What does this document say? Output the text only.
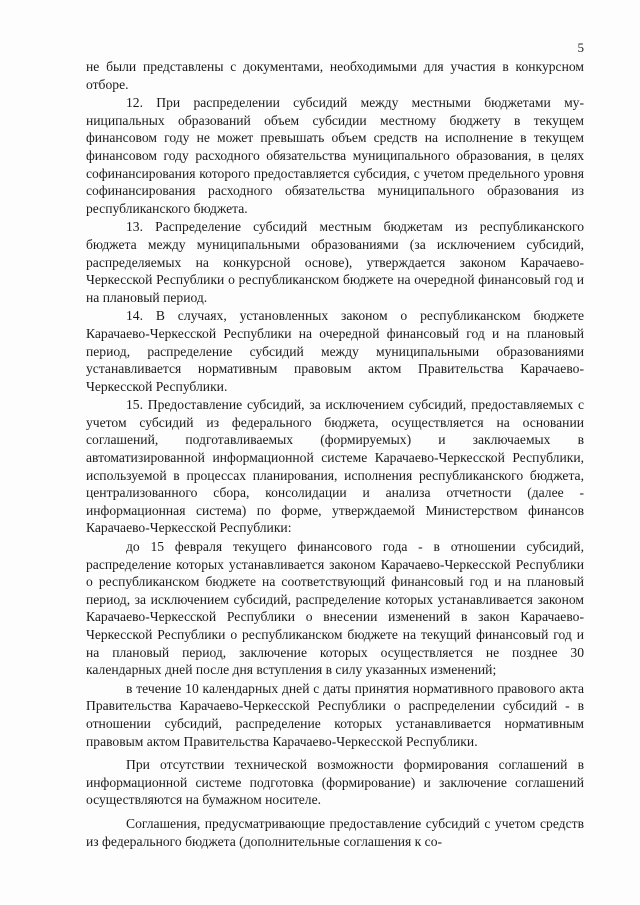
5

не были представлены с документами, необходимыми для участия в конкурсном отборе.

12. При распределении субсидий между местными бюджетами муниципальных образований объем субсидии местному бюджету в текущем финансовом году не может превышать объем средств на исполнение в текущем финансовом году расходного обязательства муниципального образования, в целях софинансирования которого предоставляется субсидия, с учетом предельного уровня софинансирования расходного обязательства муниципального образования из республиканского бюджета.

13. Распределение субсидий местным бюджетам из республиканского бюджета между муниципальными образованиями (за исключением субсидий, распределяемых на конкурсной основе), утверждается законом Карачаево-Черкесской Республики о республиканском бюджете на очередной финансовый год и на плановый период.

14. В случаях, установленных законом о республиканском бюджете Карачаево-Черкесской Республики на очередной финансовый год и на плановый период, распределение субсидий между муниципальными образованиями устанавливается нормативным правовым актом Правительства Карачаево-Черкесской Республики.

15. Предоставление субсидий, за исключением субсидий, предоставляемых с учетом субсидий из федерального бюджета, осуществляется на основании соглашений, подготавливаемых (формируемых) и заключаемых в автоматизированной информационной системе Карачаево-Черкесской Республики, используемой в процессах планирования, исполнения республиканского бюджета, централизованного сбора, консолидации и анализа отчетности (далее - информационная система) по форме, утверждаемой Министерством финансов Карачаево-Черкесской Республики:

до 15 февраля текущего финансового года - в отношении субсидий, распределение которых устанавливается законом Карачаево-Черкесской Республики о республиканском бюджете на соответствующий финансовый год и на плановый период, за исключением субсидий, распределение которых устанавливается законом Карачаево-Черкесской Республики о внесении изменений в закон Карачаево-Черкесской Республики о республиканском бюджете на текущий финансовый год и на плановый период, заключение которых осуществляется не позднее 30 календарных дней после дня вступления в силу указанных изменений;

в течение 10 календарных дней с даты принятия нормативного правового акта Правительства Карачаево-Черкесской Республики о распределении субсидий - в отношении субсидий, распределение которых устанавливается нормативным правовым актом Правительства Карачаево-Черкесской Республики.

При отсутствии технической возможности формирования соглашений в информационной системе подготовка (формирование) и заключение соглашений осуществляются на бумажном носителе.

Соглашения, предусматривающие предоставление субсидий с учетом средств из федерального бюджета (дополнительные соглашения к со-
